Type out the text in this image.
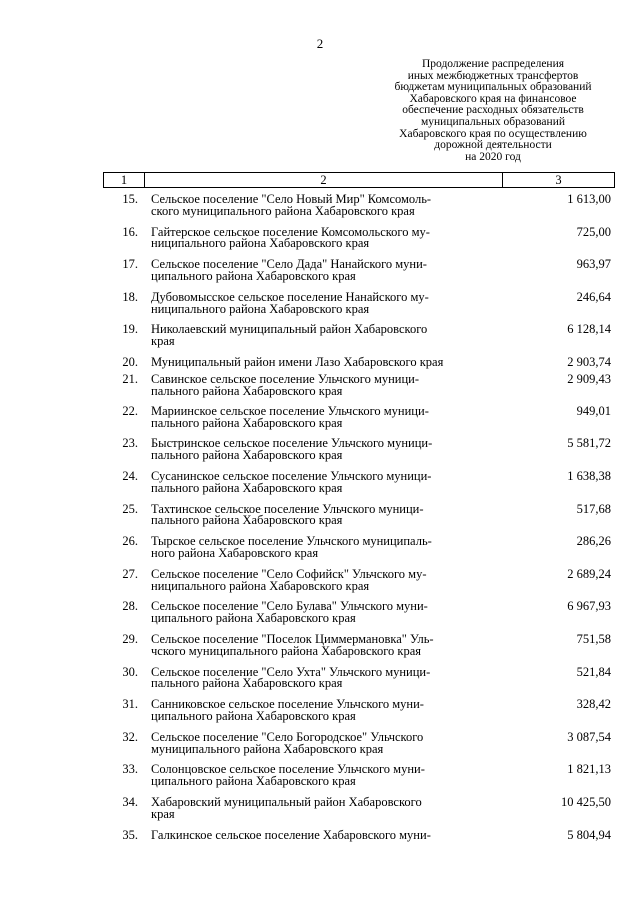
2
Продолжение распределения
иных межбюджетных трансфертов
бюджетам муниципальных образований
Хабаровского края на финансовое
обеспечение расходных обязательств
муниципальных образований
Хабаровского края по осуществлению
дорожной деятельности
на 2020 год
1	2	3
15. Сельское поселение "Село Новый Мир" Комсомоль-
ского муниципального района Хабаровского края
1 613,00
16. Гайтерское сельское поселение Комсомольского му-
ниципального района Хабаровского края
725,00
17. Сельское поселение "Село Дада" Нанайского муни-
ципального района Хабаровского края
963,97
18. Дубовомысское сельское поселение Нанайского му-
ниципального района Хабаровского края
246,64
19. Николаевский муниципальный район Хабаровского
края
6 128,14
20. Муниципальный район имени Лазо Хабаровского края	2 903,74
21. Савинское сельское поселение Ульчского муници-
пального района Хабаровского края
2 909,43
22. Мариинское сельское поселение Ульчского муници-
пального района Хабаровского края
949,01
23. Быстринское сельское поселение Ульчского муници-
пального района Хабаровского края
5 581,72
24. Сусанинское сельское поселение Ульчского муници-
пального района Хабаровского края
1 638,38
25. Тахтинское сельское поселение Ульчского муници-
пального района Хабаровского края
517,68
26. Тырское сельское поселение Ульчского муниципаль-
ного района Хабаровского края
286,26
27. Сельское поселение "Село Софийск" Ульчского му-
ниципального района Хабаровского края
2 689,24
28. Сельское поселение "Село Булава" Ульчского муни-
ципального района Хабаровского края
6 967,93
29. Сельское поселение "Поселок Циммермановка" Уль-
чского муниципального района Хабаровского края
751,58
30. Сельское поселение "Село Ухта" Ульчского муници-
пального района Хабаровского края
521,84
31. Санниковское сельское поселение Ульчского муни-
ципального района Хабаровского края
328,42
32. Сельское поселение "Село Богородское" Ульчского
муниципального района Хабаровского края
3 087,54
33. Солонцовское сельское поселение Ульчского муни-
ципального района Хабаровского края
1 821,13
34. Хабаровский муниципальный район Хабаровского
края
10 425,50
35. Галкинское сельское поселение Хабаровского муни-	5 804,94
